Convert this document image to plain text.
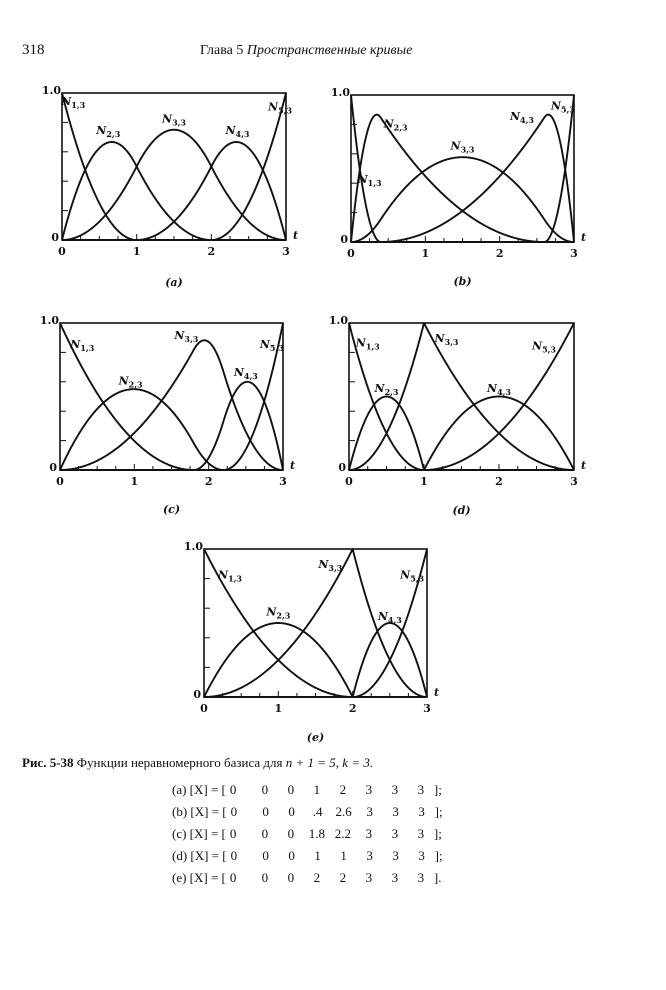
318	Глава 5 Пространственные кривые
0	1	2	3
0
1.0
t
$N_{1,3}$
$N_{2,3}$
$N_{3,3}$
$N_{4,3}$
$N_{5,3}$
(a)
0	1	2	3
0
1.0
t
$N_{1,3}$
$N_{2,3}$
$N_{3,3}$
$N_{4,3}$
$N_{5,3}$
(b)
0	1	2	3
0
1.0
t
$N_{1,3}$
$N_{2,3}$
$N_{3,3}$
$N_{4,3}$
$N_{5,3}$
(c)
0	1	2	3
0
1.0
t
$N_{1,3}$
$N_{2,3}$
$N_{3,3}$
$N_{4,3}$
$N_{5,3}$
(d)
0	1	2	3
0
1.0
t
$N_{1,3}$
$N_{2,3}$
$N_{3,3}$
$N_{4,3}$
$N_{5,3}$
(e)
Рис. 5-38 Функции неравномерного базиса для n + 1 = 5, k = 3.
(a) [X] = [ 0 0 0 1 2 3 3 3 ];
(b) [X] = [ 0 0 0 .4 2.6 3 3 3 ];
(c) [X] = [ 0 0 0 1.8 2.2 3 3 3 ];
(d) [X] = [ 0 0 0 1 1 3 3 3 ];
(e) [X] = [ 0 0 0 2 2 3 3 3 ].
